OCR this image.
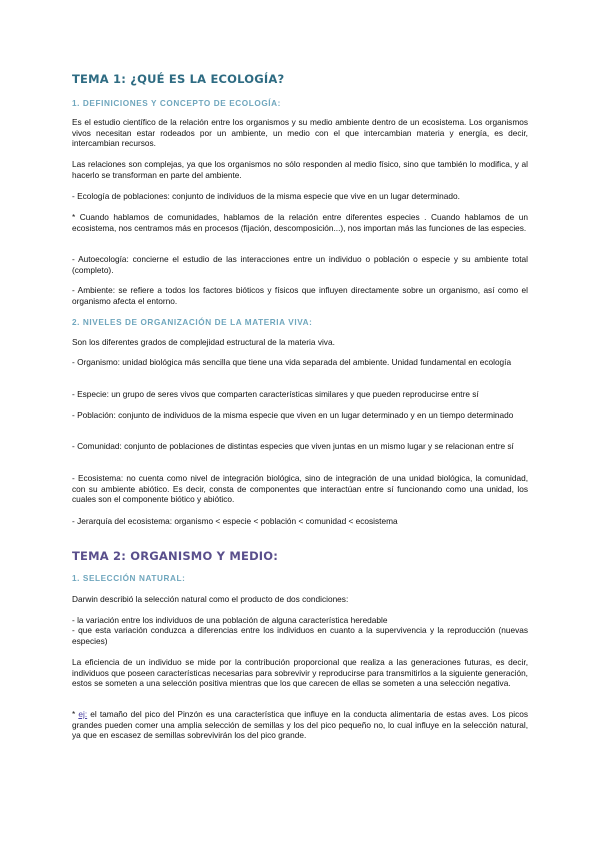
TEMA 1: ¿QUÉ ES LA ECOLOGÍA?
1. DEFINICIONES Y CONCEPTO DE ECOLOGÍA:

Es el estudio científico de la relación entre los organismos y su medio ambiente dentro de un ecosistema. Los organismos vivos necesitan estar rodeados por un ambiente, un medio con el que intercambian materia y energía, es decir, intercambian recursos.

Las relaciones son complejas, ya que los organismos no sólo responden al medio físico, sino que también lo modifica, y al hacerlo se transforman en parte del ambiente.

- Ecología de poblaciones: conjunto de individuos de la misma especie que vive en un lugar determinado.

* Cuando hablamos de comunidades, hablamos de la relación entre diferentes especies . Cuando hablamos de un ecosistema, nos centramos más en procesos (fijación, descomposición...), nos importan más las funciones de las especies.

- Autoecología: concierne el estudio de las interacciones entre un individuo o población o especie y su ambiente total (completo).

- Ambiente: se refiere a todos los factores bióticos y físicos que influyen directamente sobre un organismo, así como el organismo afecta el entorno.

2. NIVELES DE ORGANIZACIÓN DE LA MATERIA VIVA:

Son los diferentes grados de complejidad estructural de la materia viva.

- Organismo: unidad biológica más sencilla que tiene una vida separada del ambiente. Unidad fundamental en ecología

- Especie: un grupo de seres vivos que comparten características similares y que pueden reproducirse entre sí

- Población: conjunto de individuos de la misma especie que viven en un lugar determinado y en un tiempo determinado

- Comunidad: conjunto de poblaciones de distintas especies que viven juntas en un mismo lugar y se relacionan entre sí

- Ecosistema: no cuenta como nivel de integración biológica, sino de integración de una unidad biológica, la comunidad, con su ambiente abiótico. Es decir, consta de componentes que interactúan entre sí funcionando como una unidad, los cuales son el componente biótico y abiótico.

- Jerarquía del ecosistema: organismo < especie < población < comunidad < ecosistema

TEMA 2: ORGANISMO Y MEDIO:
1. SELECCIÓN NATURAL:

Darwin describió la selección natural como el producto de dos condiciones:

- la variación entre los individuos de una población de alguna característica heredable

- que esta variación conduzca a diferencias entre los individuos en cuanto a la supervivencia y la reproducción (nuevas especies)

La eficiencia de un individuo se mide por la contribución proporcional que realiza a las generaciones futuras, es decir, individuos que poseen características necesarias para sobrevivir y reproducirse para transmitirlos a la siguiente generación, estos se someten a una selección positiva mientras que los que carecen de ellas se someten a una selección negativa.

* ej: el tamaño del pico del Pinzón es una característica que influye en la conducta alimentaria de estas aves. Los picos grandes pueden comer una amplia selección de semillas y los del pico pequeño no, lo cual influye en la selección natural, ya que en escasez de semillas sobrevivirán los del pico grande.
